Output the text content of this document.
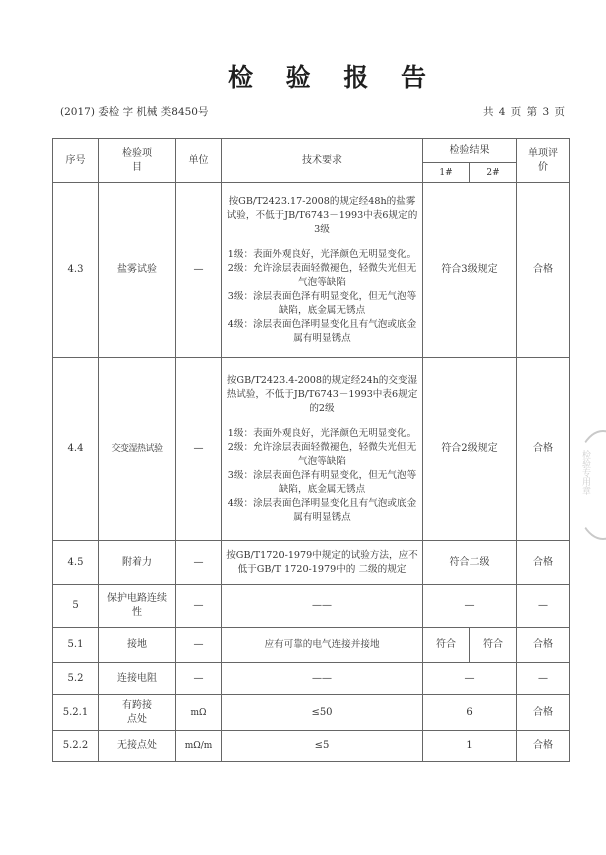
检 验 报 告
(2017) 委检 字 机械 类8450号	共 4 页 第 3 页
序号	检验项目	单位	技术要求	检验结果		单项评价
				1#	2#	
4.3	盐雾试验	—	按GB/T2423.17-2008的规定经48h的盐雾试验，不低于JB/T6743－1993中表6规定的3级

1级：表面外观良好，光泽颜色无明显变化。

2级：允许涂层表面轻微褪色，轻微失光但无气泡等缺陷

3级：涂层表面色泽有明显变化，但无气泡等缺陷，底金属无锈点

4级：涂层表面色泽明显变化且有气泡或底金属有明显锈点	符合3级规定		合格
4.4	交变湿热试验	—	按GB/T2423.4-2008的规定经24h的交变湿热试验，不低于JB/T6743－1993中表6规定的2级

1级：表面外观良好，光泽颜色无明显变化。

2级：允许涂层表面轻微褪色，轻微失光但无气泡等缺陷

3级：涂层表面色泽有明显变化，但无气泡等缺陷，底金属无锈点

4级：涂层表面色泽明显变化且有气泡或底金属有明显锈点	符合2级规定		合格
4.5	附着力	—	按GB/T1720-1979中规定的试验方法，应不低于GB/T 1720-1979中的 二级的规定	符合二级		合格
5	保护电路连续性	—	——	—		—
5.1	接地	—	应有可靠的电气连接并接地	符合	符合	合格
5.2	连接电阻	—	——	—		—
5.2.1	有跨接点处	mΩ	≤50	6		合格
5.2.2	无接点处	mΩ/m	≤5	1		合格
检验专用章
